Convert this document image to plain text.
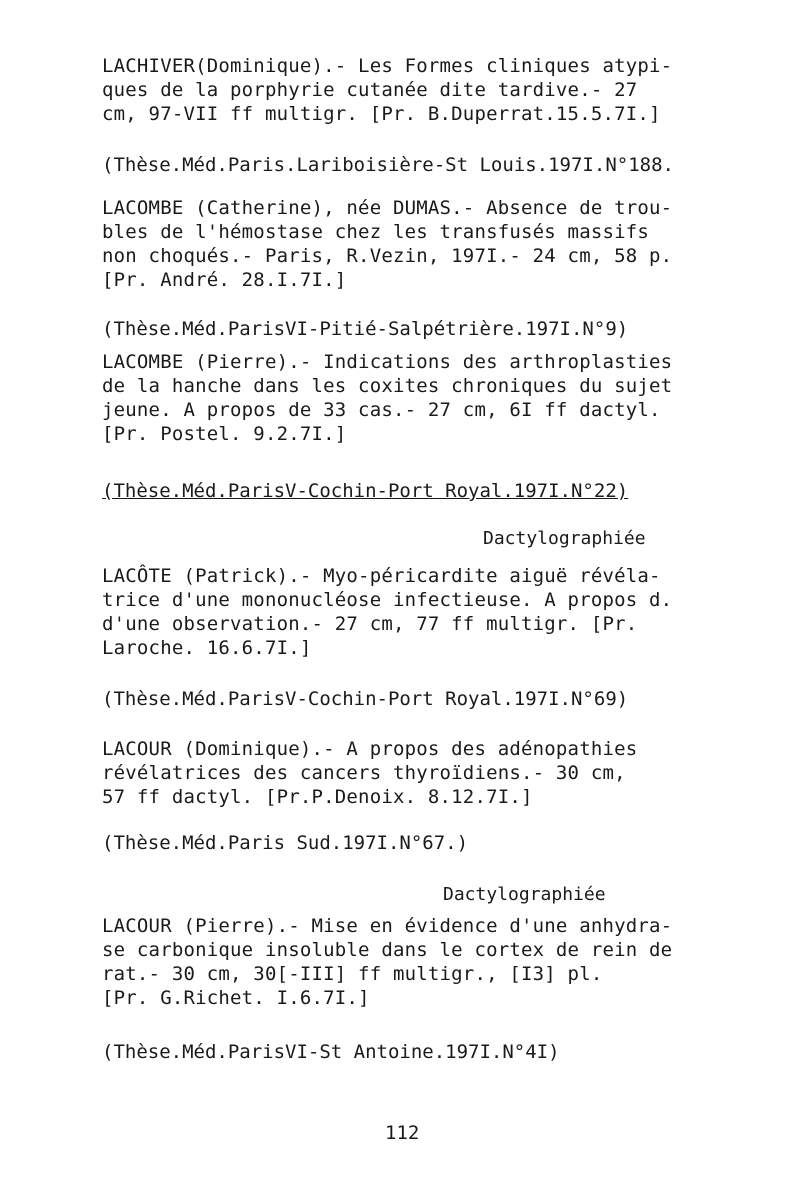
LACHIVER(Dominique).- Les Formes cliniques atypi-
ques de la porphyrie cutanée dite tardive.- 27
cm, 97-VII ff multigr. [Pr. B.Duperrat.15.5.7I.]
(Thèse.Méd.Paris.Lariboisière-St Louis.197I.N°188.
LACOMBE (Catherine), née DUMAS.- Absence de trou-
bles de l'hémostase chez les transfusés massifs
non choqués.- Paris, R.Vezin, 197I.- 24 cm, 58 p.
[Pr. André. 28.I.7I.]
(Thèse.Méd.ParisVI-Pitié-Salpétrière.197I.N°9)
LACOMBE (Pierre).- Indications des arthroplasties
de la hanche dans les coxites chroniques du sujet
jeune. A propos de 33 cas.- 27 cm, 6I ff dactyl.
[Pr. Postel. 9.2.7I.]
(Thèse.Méd.ParisV-Cochin-Port Royal.197I.N°22)
Dactylographiée
LACÔTE (Patrick).- Myo-péricardite aiguë révéla-
trice d'une mononucléose infectieuse. A propos d.
d'une observation.- 27 cm, 77 ff multigr. [Pr.
Laroche. 16.6.7I.]
(Thèse.Méd.ParisV-Cochin-Port Royal.197I.N°69)
LACOUR (Dominique).- A propos des adénopathies
révélatrices des cancers thyroïdiens.- 30 cm,
57 ff dactyl. [Pr.P.Denoix. 8.12.7I.]
(Thèse.Méd.Paris Sud.197I.N°67.)
Dactylographiée
LACOUR (Pierre).- Mise en évidence d'une anhydra-
se carbonique insoluble dans le cortex de rein de
rat.- 30 cm, 30[-III] ff multigr., [I3] pl.
[Pr. G.Richet. I.6.7I.]
(Thèse.Méd.ParisVI-St Antoine.197I.N°4I)
112
